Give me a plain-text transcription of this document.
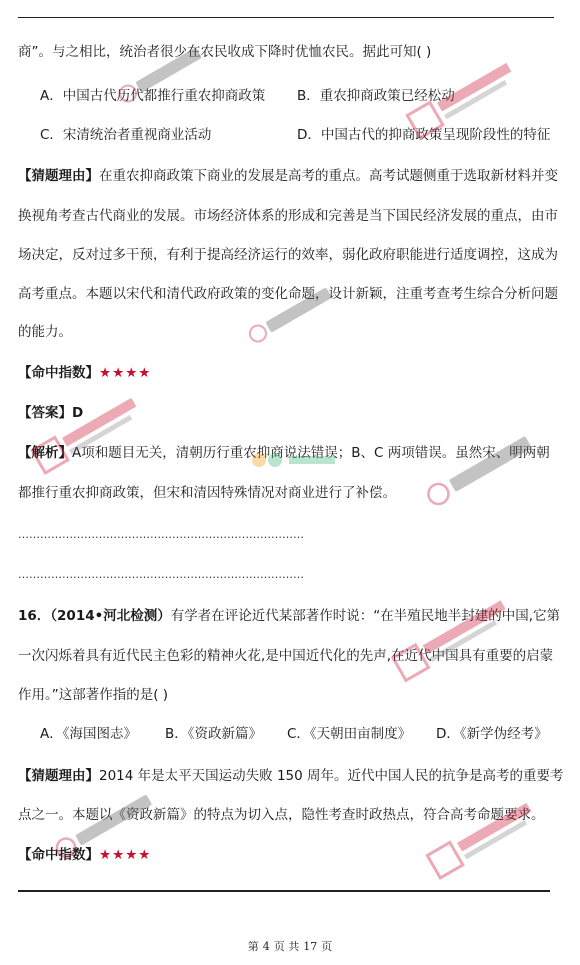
商”。与之相比，统治者很少在农民收成下降时优恤农民。据此可知( )
A．中国古代历代都推行重农抑商政策 B．重农抑商政策已经松动
C．宋清统治者重视商业活动	D．中国古代的抑商政策呈现阶段性的特征
【猜题理由】在重农抑商政策下商业的发展是高考的重点。高考试题侧重于选取新材料并变
换视角考查古代商业的发展。市场经济体系的形成和完善是当下国民经济发展的重点，由市
场决定，反对过多干预，有利于提高经济运行的效率，弱化政府职能进行适度调控，这成为
高考重点。本题以宋代和清代政府政策的变化命题，设计新颖，注重考查考生综合分析问题
的能力。
【命中指数】★★★★
【答案】D
【解析】A项和题目无关，清朝历行重农抑商说法错误；B、C 两项错误。虽然宋、明两朝
都推行重农抑商政策，但宋和清因特殊情况对商业进行了补偿。
……………………………………………………………………
……………………………………………………………………
16．（2014•河北检测）有学者在评论近代某部著作时说：“在半殖民地半封建的中国,它第
一次闪烁着具有近代民主色彩的精神火花,是中国近代化的先声,在近代中国具有重要的启蒙
作用。”这部著作指的是( )
A．《海国图志》 B．《资政新篇》 C．《天朝田亩制度》 D．《新学伪经考》
【猜题理由】2014 年是太平天国运动失败 150 周年。近代中国人民的抗争是高考的重要考
点之一。本题以《资政新篇》的特点为切入点，隐性考查时政热点，符合高考命题要求。
【命中指数】★★★★
第 4 页 共 17 页
